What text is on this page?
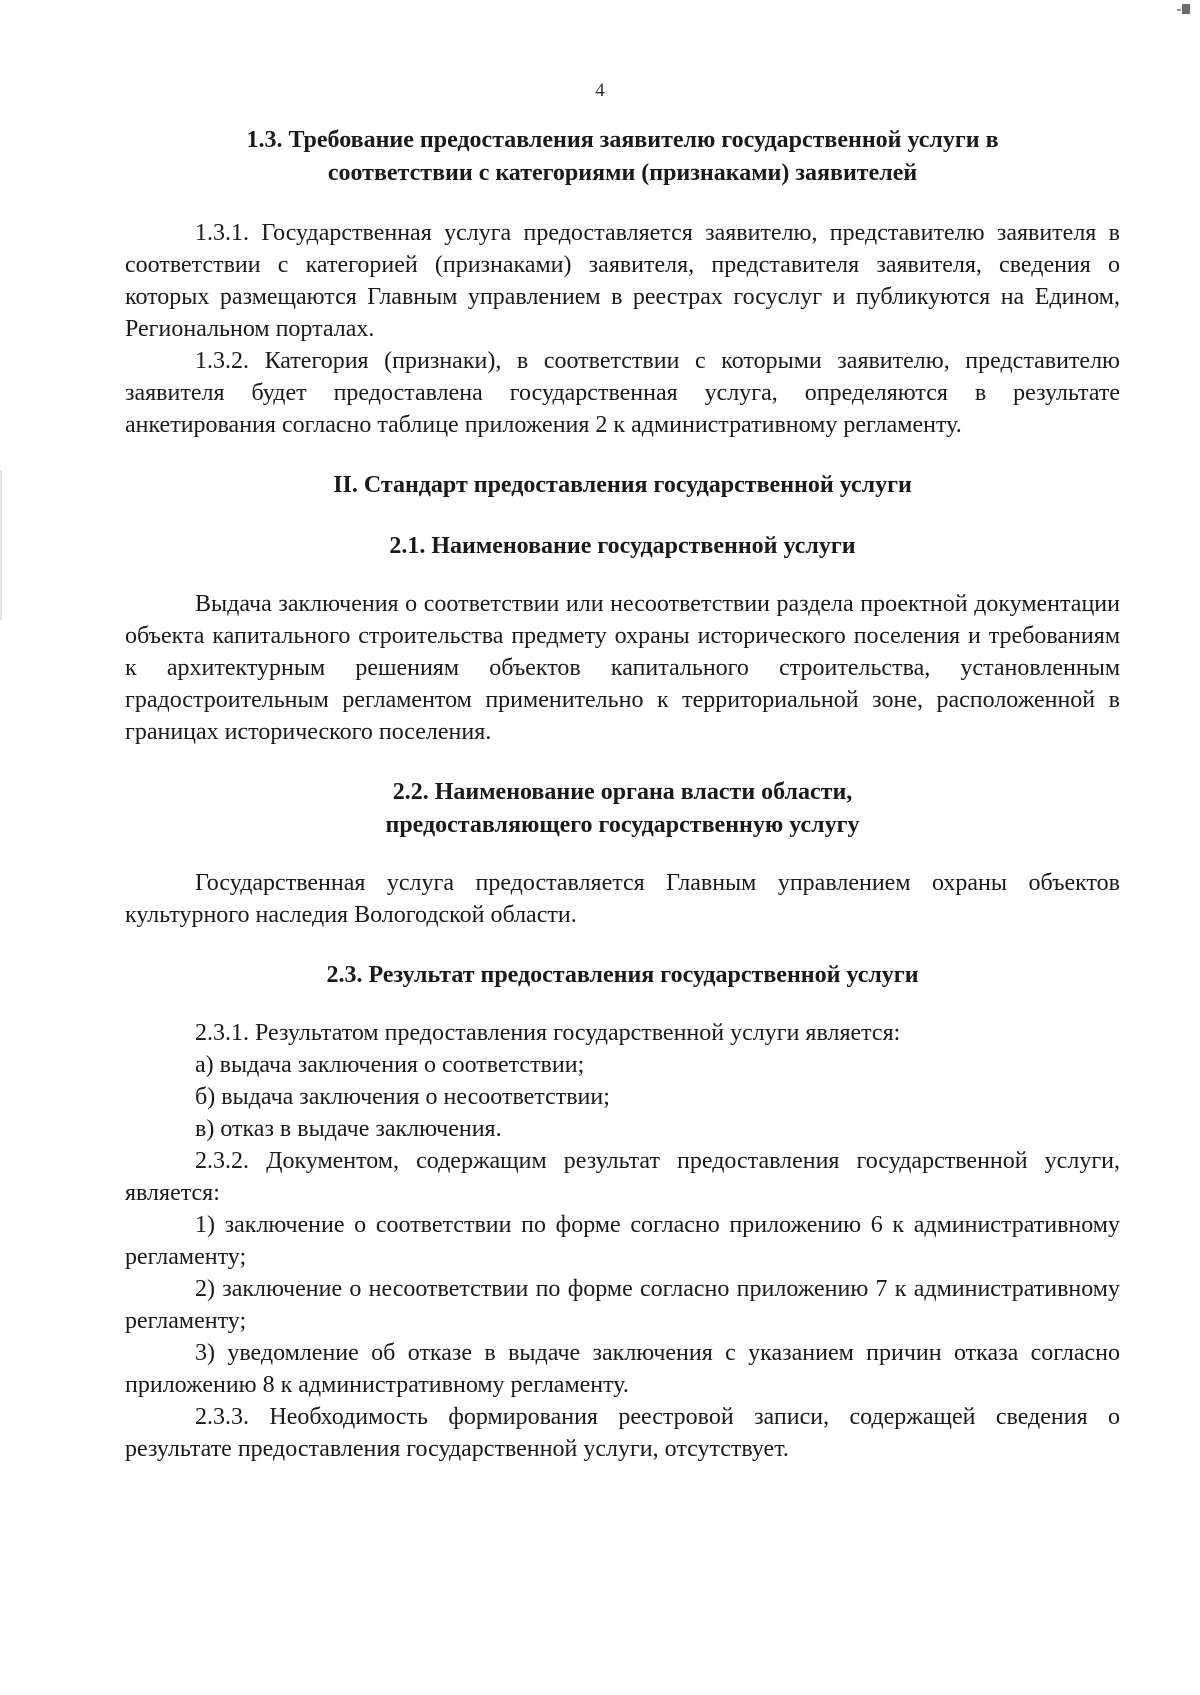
4
1.3. Требование предоставления заявителю государственной услуги в
соответствии с категориями (признаками) заявителей

1.3.1. Государственная услуга предоставляется заявителю, представителю заявителя в соответствии с категорией (признаками) заявителя, представителя заявителя, сведения о которых размещаются Главным управлением в реестрах госуслуг и публикуются на Едином, Региональном порталах.

1.3.2. Категория (признаки), в соответствии с которыми заявителю, представителю заявителя будет предоставлена государственная услуга, определяются в результате анкетирования согласно таблице приложения 2 к административному регламенту.

II. Стандарт предоставления государственной услуги
2.1. Наименование государственной услуги

Выдача заключения о соответствии или несоответствии раздела проектной документации объекта капитального строительства предмету охраны исторического поселения и требованиям к архитектурным решениям объектов капитального строительства, установленным градостроительным регламентом применительно к территориальной зоне, расположенной в границах исторического поселения.

2.2. Наименование органа власти области,
предоставляющего государственную услугу

Государственная услуга предоставляется Главным управлением охраны объектов культурного наследия Вологодской области.

2.3. Результат предоставления государственной услуги

2.3.1. Результатом предоставления государственной услуги является:

а) выдача заключения о соответствии;

б) выдача заключения о несоответствии;

в) отказ в выдаче заключения.

2.3.2. Документом, содержащим результат предоставления государственной услуги, является:

1) заключение о соответствии по форме согласно приложению 6 к административному регламенту;

2) заключение о несоответствии по форме согласно приложению 7 к административному регламенту;

3) уведомление об отказе в выдаче заключения с указанием причин отказа согласно приложению 8 к административному регламенту.

2.3.3. Необходимость формирования реестровой записи, содержащей сведения о результате предоставления государственной услуги, отсутствует.
